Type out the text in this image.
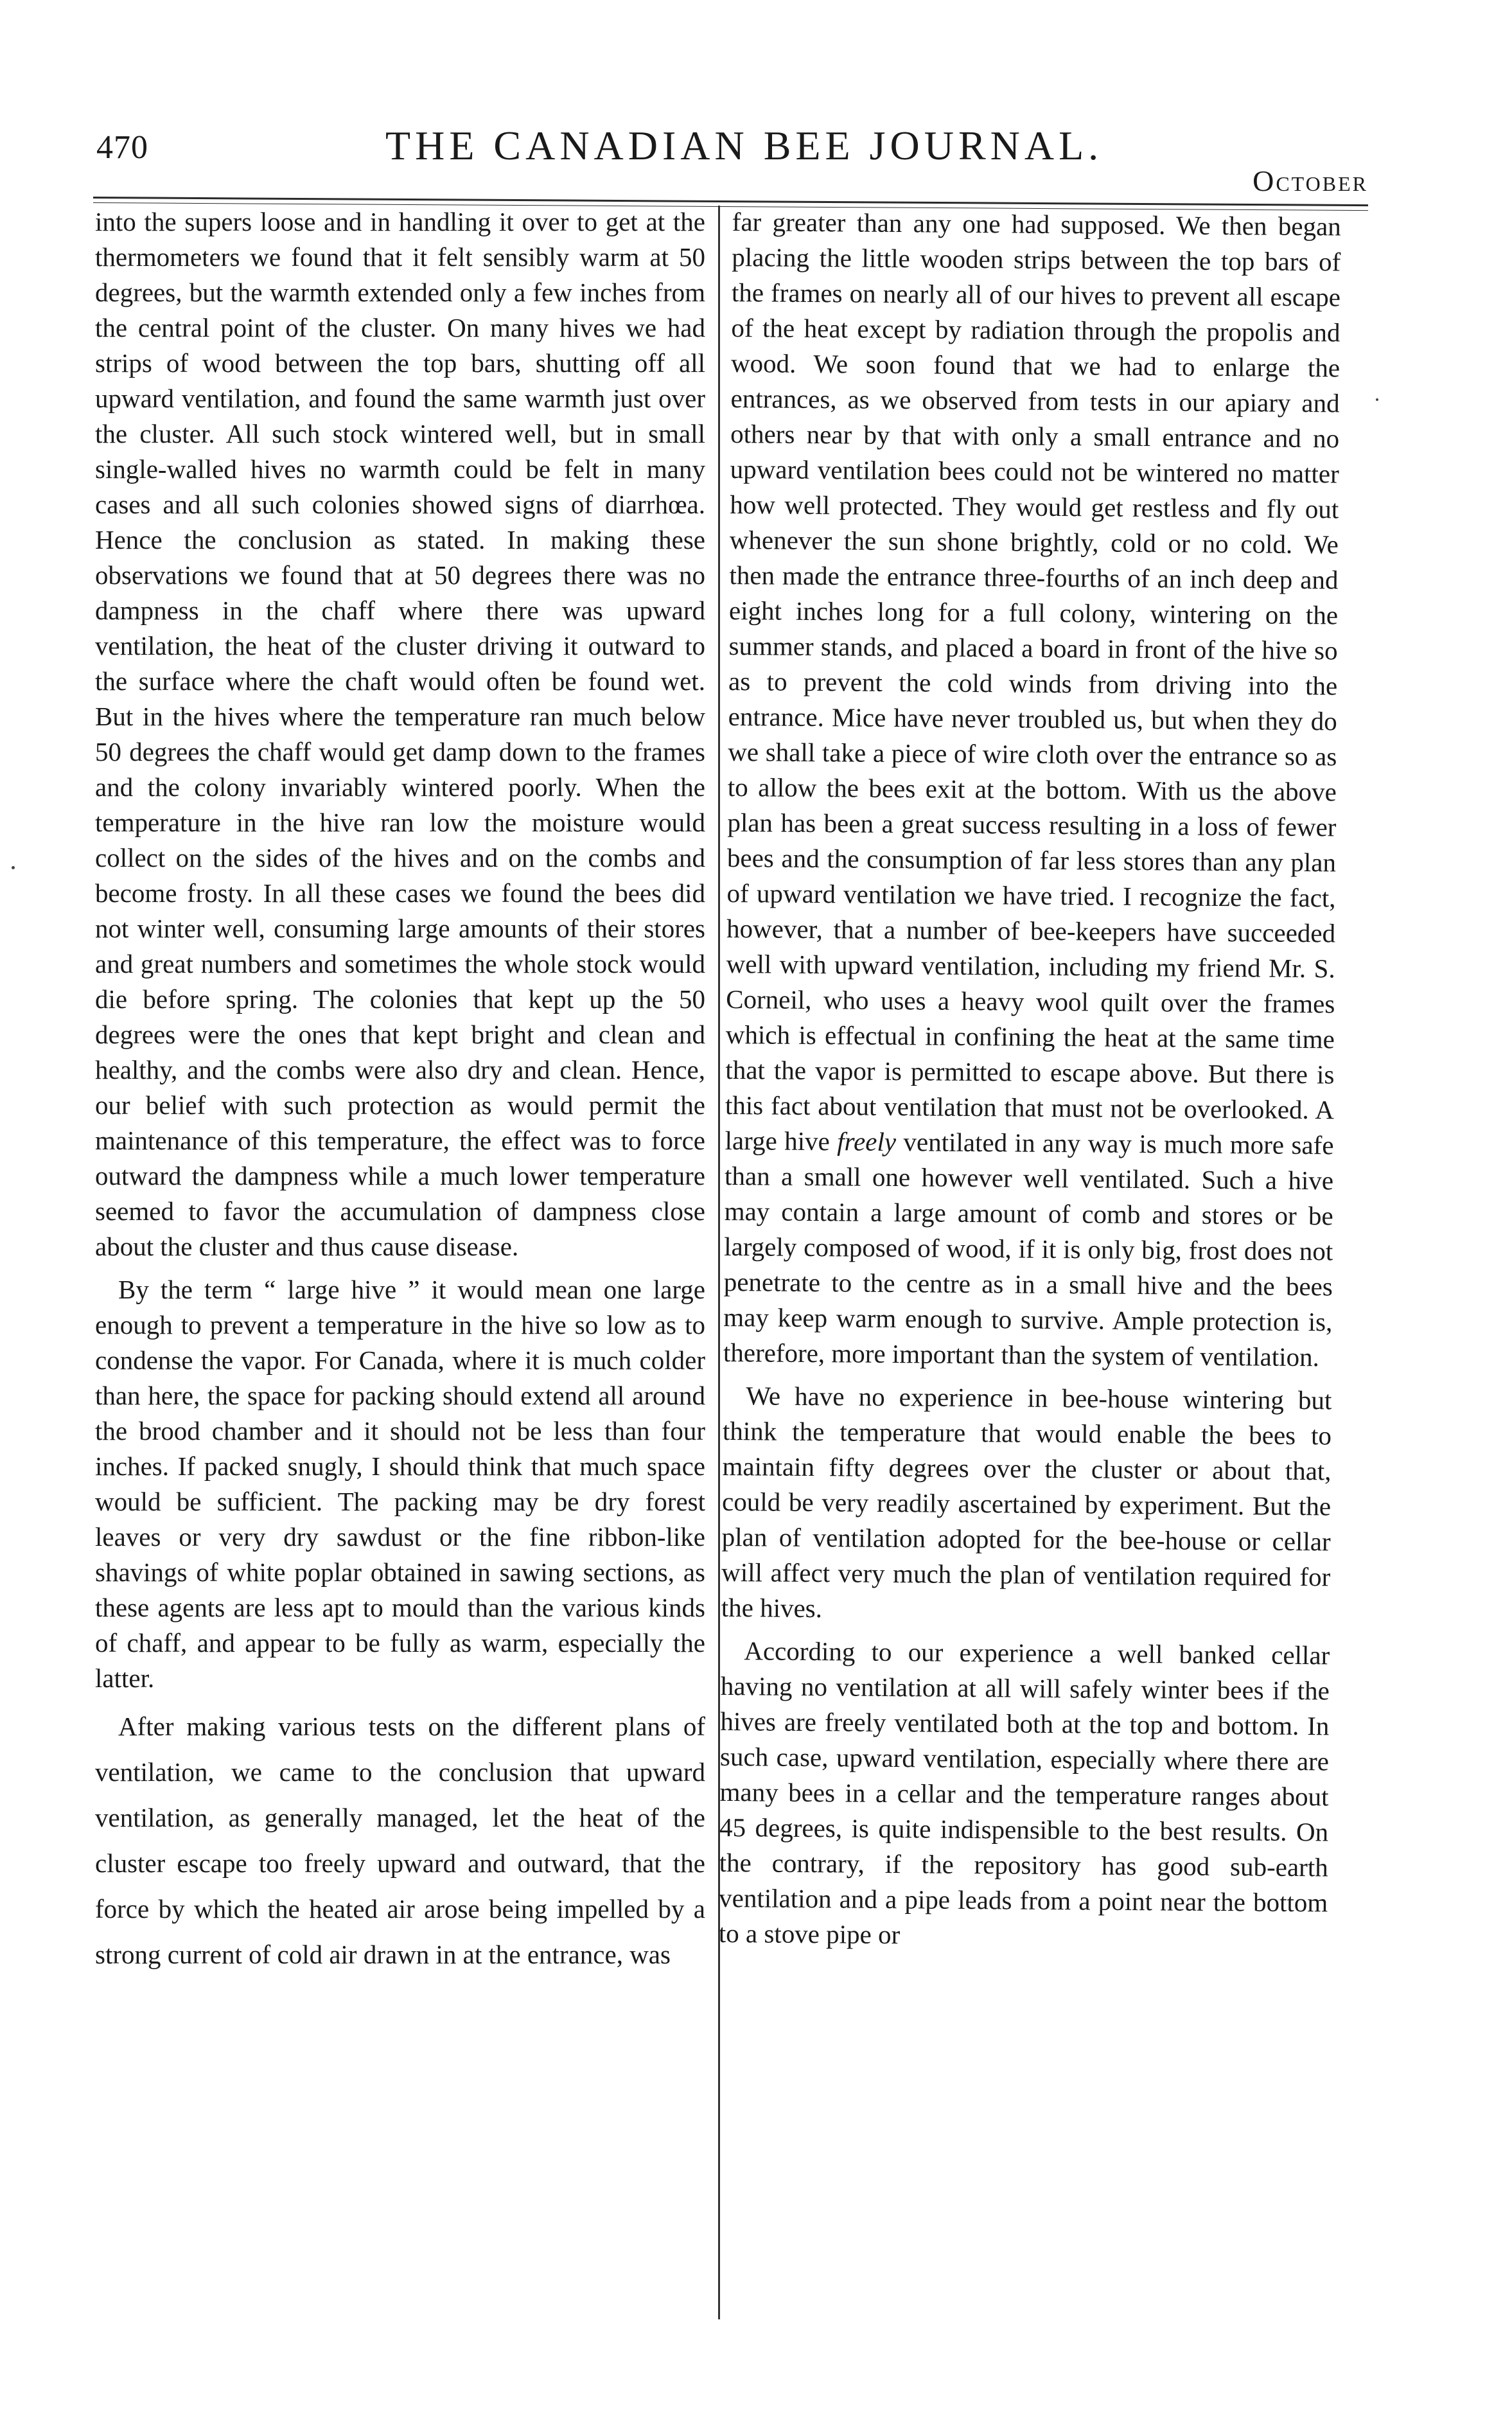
470	THE CANADIAN BEE JOURNAL.
October

into the supers loose and in handling it over to get at the thermometers we found that it felt sensibly warm at 50 degrees, but the warmth extended only a few inches from the central point of the cluster. On many hives we had strips of wood between the top bars, shutting off all upward ventilation, and found the same warmth just over the cluster. All such stock wintered well, but in small single-walled hives no warmth could be felt in many cases and all such colonies showed signs of diarrhœa. Hence the conclusion as stated. In making these observations we found that at 50 degrees there was no dampness in the chaff where there was upward ventilation, the heat of the cluster driving it outward to the surface where the chaft would often be found wet. But in the hives where the temperature ran much below 50 degrees the chaff would get damp down to the frames and the colony invariably wintered poorly. When the temperature in the hive ran low the moisture would collect on the sides of the hives and on the combs and become frosty. In all these cases we found the bees did not winter well, consuming large amounts of their stores and great numbers and sometimes the whole stock would die before spring. The colonies that kept up the 50 degrees were the ones that kept bright and clean and healthy, and the combs were also dry and clean. Hence, our belief with such protection as would permit the maintenance of this temperature, the effect was to force outward the dampness while a much lower temperature seemed to favor the accumulation of dampness close about the cluster and thus cause disease.

By the term “ large hive ” it would mean one large enough to prevent a temperature in the hive so low as to condense the vapor. For Canada, where it is much colder than here, the space for packing should extend all around the brood chamber and it should not be less than four inches. If packed snugly, I should think that much space would be sufficient. The packing may be dry forest leaves or very dry sawdust or the fine ribbon-like shavings of white poplar obtained in sawing sections, as these agents are less apt to mould than the various kinds of chaff, and appear to be fully as warm, especially the latter.

After making various tests on the different plans of ventilation, we came to the conclusion that upward ventilation, as generally managed, let the heat of the cluster escape too freely upward and outward, that the force by which the heated air arose being impelled by a strong current of cold air drawn in at the entrance, was

far greater than any one had supposed. We then began placing the little wooden strips between the top bars of the frames on nearly all of our hives to prevent all escape of the heat except by radiation through the propolis and wood. We soon found that we had to enlarge the entrances, as we observed from tests in our apiary and others near by that with only a small entrance and no upward ventilation bees could not be wintered no matter how well protected. They would get restless and fly out whenever the sun shone brightly, cold or no cold. We then made the entrance three-fourths of an inch deep and eight inches long for a full colony, wintering on the summer stands, and placed a board in front of the hive so as to prevent the cold winds from driving into the entrance. Mice have never troubled us, but when they do we shall take a piece of wire cloth over the entrance so as to allow the bees exit at the bottom. With us the above plan has been a great success resulting in a loss of fewer bees and the consumption of far less stores than any plan of upward ventilation we have tried. I recognize the fact, however, that a number of bee-keepers have succeeded well with upward ventilation, including my friend Mr. S. Corneil, who uses a heavy wool quilt over the frames which is effectual in confining the heat at the same time that the vapor is permitted to escape above. But there is this fact about ventilation that must not be overlooked. A large hive freely ventilated in any way is much more safe than a small one however well ventilated. Such a hive may contain a large amount of comb and stores or be largely composed of wood, if it is only big, frost does not penetrate to the centre as in a small hive and the bees may keep warm enough to survive. Ample protection is, therefore, more important than the system of ventilation.

We have no experience in bee-house wintering but think the temperature that would enable the bees to maintain fifty degrees over the cluster or about that, could be very readily ascertained by experiment. But the plan of ventilation adopted for the bee-house or cellar will affect very much the plan of ventilation required for the hives.

According to our experience a well banked cellar having no ventilation at all will safely winter bees if the hives are freely ventilated both at the top and bottom. In such case, upward ventilation, especially where there are many bees in a cellar and the temperature ranges about 45 degrees, is quite indispensible to the best results. On the contrary, if the repository has good sub-earth ventilation and a pipe leads from a point near the bottom to a stove pipe or
